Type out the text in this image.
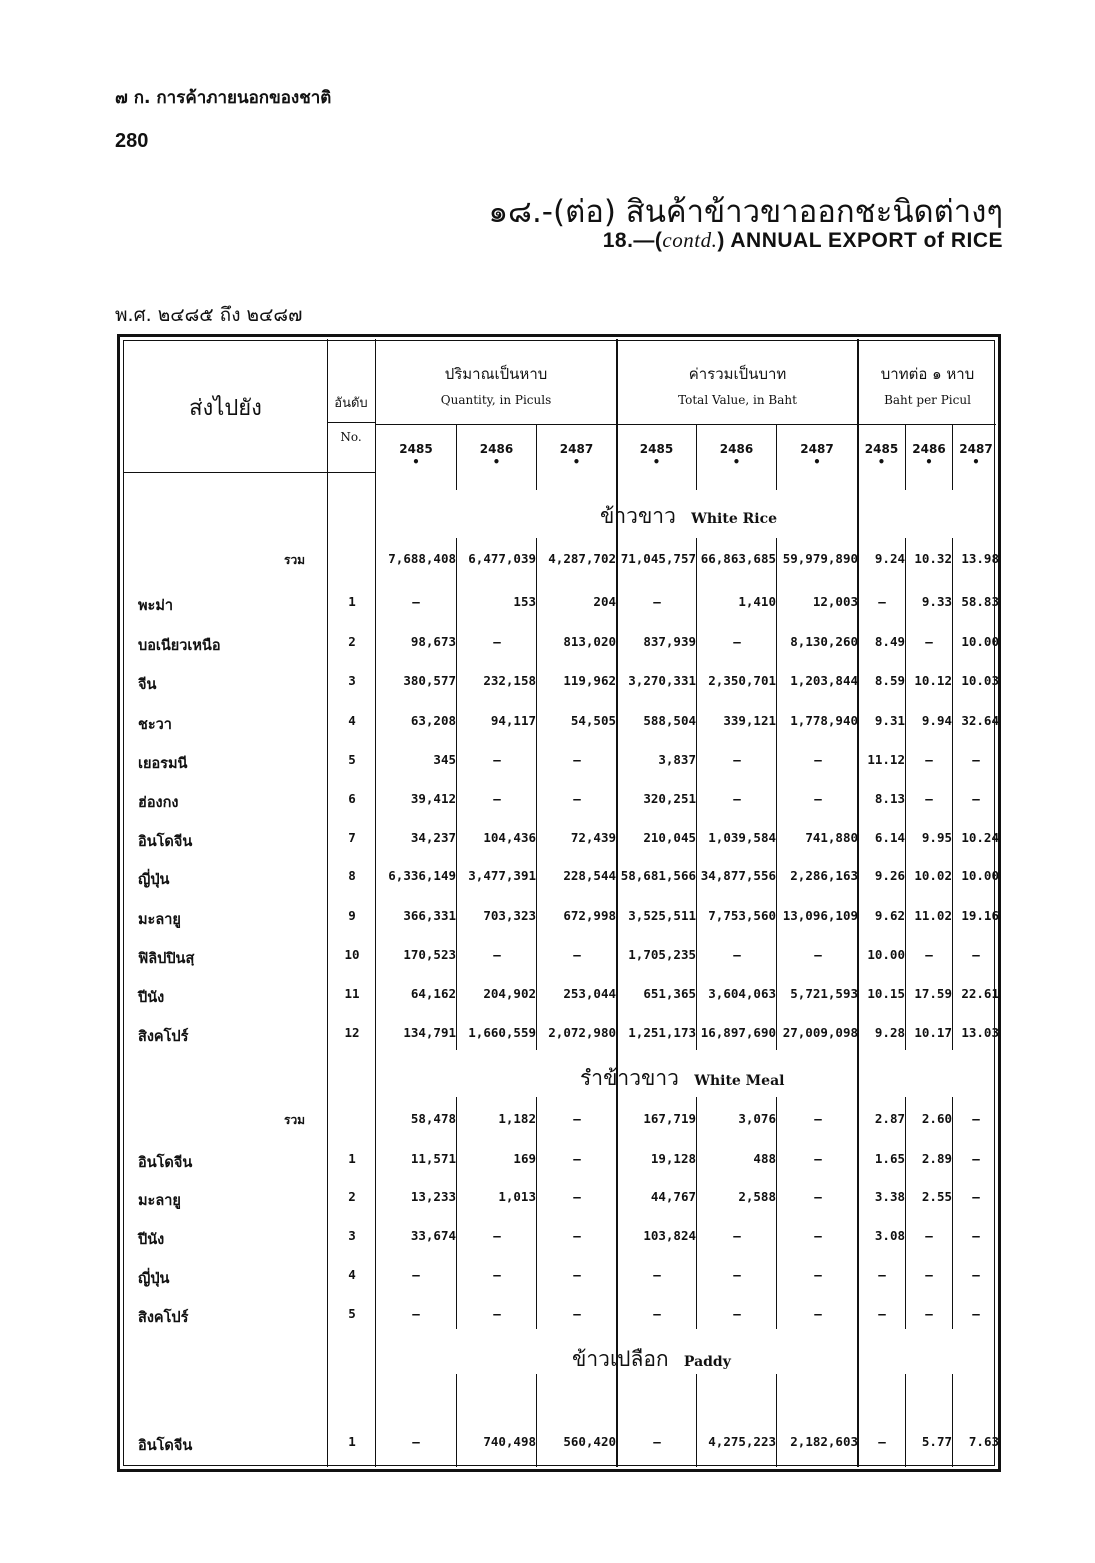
๗ ก. การค้าภายนอกของชาติ
280
๑๘.-(ต่อ) สินค้าข้าวขาออกชะนิดต่างๆ
18.—(contd.) ANNUAL EXPORT of RICE
พ.ศ. ๒๔๘๕ ถึง ๒๔๘๗
ส่งไปยัง	อันดับ
No.
ปริมาณเป็นหาบ
Quantity, in Piculs
ค่ารวมเป็นบาท
Total Value, in Baht
บาทต่อ ๑ หาบ
Baht per Picul
2485
•
2486
•
2487
•
2485
•
2486
•
2487
•
2485
•
2486
•
2487
•
ข้าวขาว White Rice
รำข้าวขาว White Meal
ข้าวเปลือก Paddy
รวม	7,688,408 6,477,039 4,287,702 71,045,757 66,863,685 59,979,890	9.24 10.32 13.98
พะม่า	1	—	153	204	—	1,410	12,003	—	9.33 58.83
บอเนียวเหนือ	2	98,673	—	813,020	837,939	—	8,130,260	8.49	—	10.00
จีน	3	380,577	232,158	119,962 3,270,331 2,350,701	1,203,844	8.59 10.12 10.03
ชะวา	4	63,208	94,117	54,505	588,504	339,121	1,778,940	9.31	9.94 32.64
เยอรมนี	5	345	—	—	3,837	—	—	11.12	—	—
ฮ่องกง	6	39,412	—	—	320,251	—	—	8.13	—	—
อินโดจีน	7	34,237	104,436	72,439	210,045 1,039,584	741,880	6.14	9.95 10.24
ญี่ปุ่น	8	6,336,149 3,477,391	228,544 58,681,566 34,877,556	2,286,163	9.26 10.02 10.00
มะลายู	9	366,331	703,323	672,998 3,525,511 7,753,560 13,096,109	9.62 11.02 19.16
ฟิลิปปินสฺ	10	170,523	—	—	1,705,235	—	—	10.00	—	—
ปีนัง	11	64,162	204,902	253,044	651,365 3,604,063	5,721,593 10.15 17.59 22.61
สิงคโปร์	12	134,791 1,660,559 2,072,980 1,251,173 16,897,690 27,009,098	9.28 10.17 13.03
รวม	58,478	1,182	—	167,719	3,076	—	2.87	2.60	—
อินโดจีน	1	11,571	169	—	19,128	488	—	1.65	2.89	—
มะลายู	2	13,233	1,013	—	44,767	2,588	—	3.38	2.55	—
ปีนัง	3	33,674	—	—	103,824	—	—	3.08	—	—
ญี่ปุ่น	4	—	—	—	—	—	—	—	—	—
สิงคโปร์	5	—	—	—	—	—	—	—	—	—
อินโดจีน	1	—	740,498	560,420	—	4,275,223	2,182,603	—	5.77	7.63
